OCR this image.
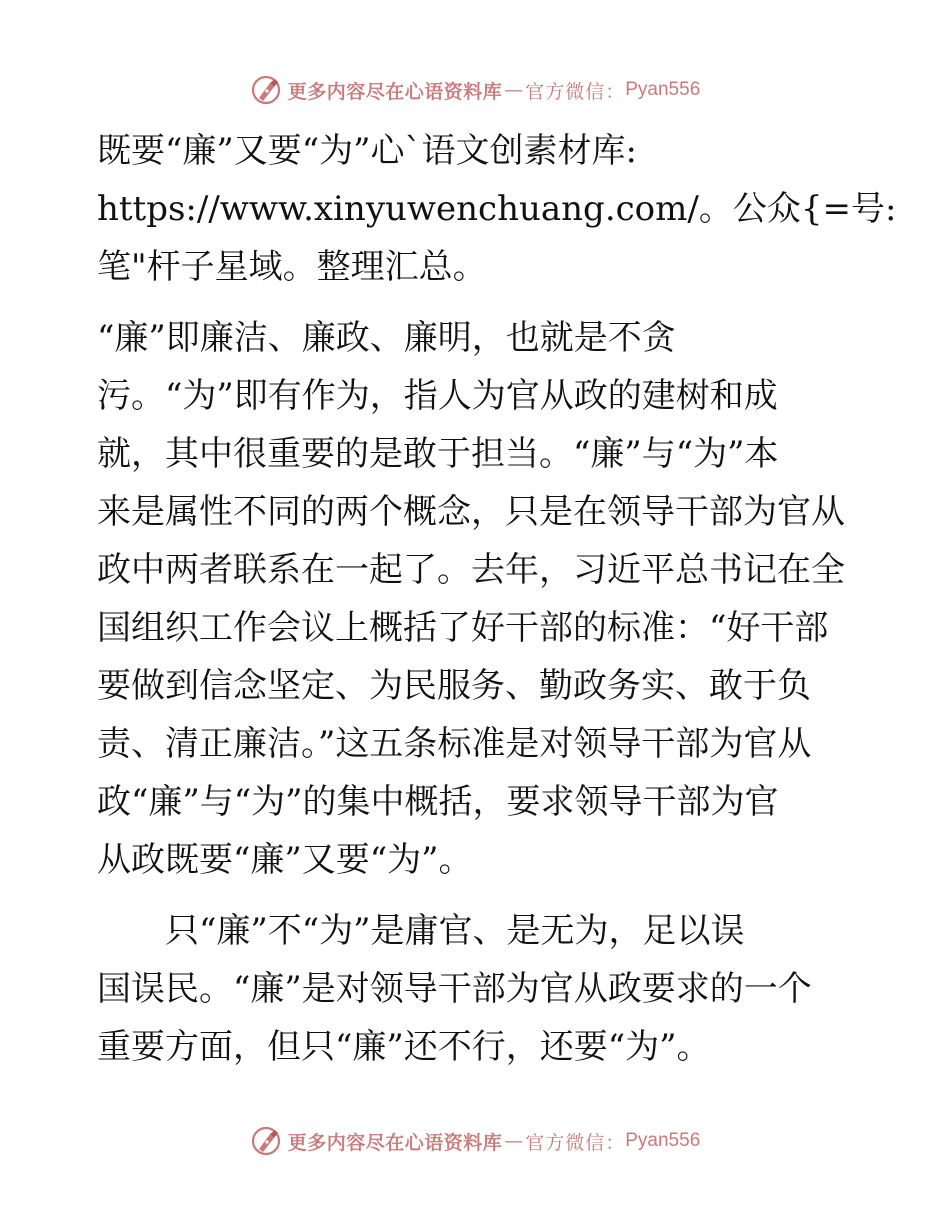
更多内容尽在心语资料库 — 官方微信： Pyan556
既要“廉”又要“为”心`语文创素材库:
https://www.xinyuwenchuang.com/。公众{=号:
笔"杆子星域。整理汇总。
“廉”即廉洁、廉政、廉明，也就是不贪
污。“为”即有作为，指人为官从政的建树和成
就，其中很重要的是敢于担当。“廉”与“为”本
来是属性不同的两个概念，只是在领导干部为官从
政中两者联系在一起了。去年，习近平总书记在全
国组织工作会议上概括了好干部的标准：“好干部
要做到信念坚定、为民服务、勤政务实、敢于负
责、清正廉洁。”这五条标准是对领导干部为官从
政“廉”与“为”的集中概括，要求领导干部为官
从政既要“廉”又要“为”。
　　只“廉”不“为”是庸官、是无为，足以误
国误民。“廉”是对领导干部为官从政要求的一个
重要方面，但只“廉”还不行，还要“为”。
更多内容尽在心语资料库 — 官方微信： Pyan556
